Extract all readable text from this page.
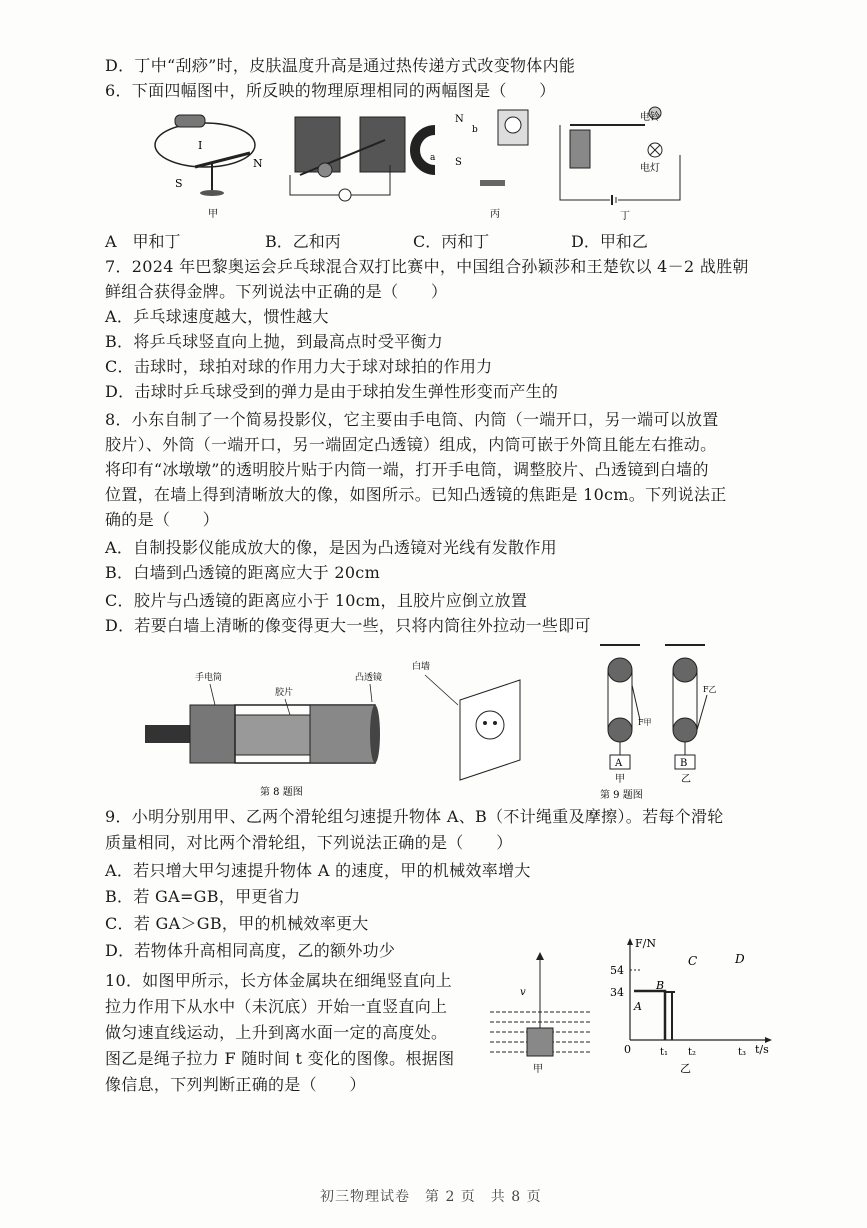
D．丁中“刮痧”时，皮肤温度升高是通过热传递方式改变物体内能
6．下面四幅图中，所反映的物理原理相同的两幅图是（　　）
I
S
N
甲
N
S
a
b
丙
电铃
电灯
丁
A　甲和丁	B．乙和丙	C．丙和丁	D．甲和乙
7．2024 年巴黎奥运会乒乓球混合双打比赛中，中国组合孙颖莎和王楚钦以 4－2 战胜朝
鲜组合获得金牌。下列说法中正确的是（　　）
A．乒乓球速度越大，惯性越大
B．将乒乓球竖直向上抛，到最高点时受平衡力
C．击球时，球拍对球的作用力大于球对球拍的作用力
D．击球时乒乓球受到的弹力是由于球拍发生弹性形变而产生的
8．小东自制了一个简易投影仪，它主要由手电筒、内筒（一端开口，另一端可以放置
胶片）、外筒（一端开口，另一端固定凸透镜）组成，内筒可嵌于外筒且能左右推动。
将印有“冰墩墩”的透明胶片贴于内筒一端，打开手电筒，调整胶片、凸透镜到白墙的
位置，在墙上得到清晰放大的像，如图所示。已知凸透镜的焦距是 10cm。下列说法正
确的是（　　）
A．自制投影仪能成放大的像，是因为凸透镜对光线有发散作用
B．白墙到凸透镜的距离应大于 20cm
C．胶片与凸透镜的距离应小于 10cm，且胶片应倒立放置
D．若要白墙上清晰的像变得更大一些，只将内筒往外拉动一些即可
手电筒
胶片
凸透镜
第 8 题图
白墙
A
F甲
甲
B
F乙
乙
第 9 题图
9．小明分别用甲、乙两个滑轮组匀速提升物体 A、B（不计绳重及摩擦）。若每个滑轮
质量相同，对比两个滑轮组，下列说法正确的是（　　）
A．若只增大甲匀速提升物体 A 的速度，甲的机械效率增大
B．若 GA=GB，甲更省力
C．若 GA＞GB，甲的机械效率更大
D．若物体升高相同高度，乙的额外功少
10．如图甲所示，长方体金属块在细绳竖直向上
拉力作用下从水中（未沉底）开始一直竖直向上
做匀速直线运动，上升到离水面一定的高度处。
图乙是绳子拉力 F 随时间 t 变化的图像。根据图
像信息，下列判断正确的是（　　）
v
甲
F/N
t/s
54
34
0	t₁ t₂	t₃
A
B
C	D
乙
初三物理试卷　第 2 页　共 8 页
